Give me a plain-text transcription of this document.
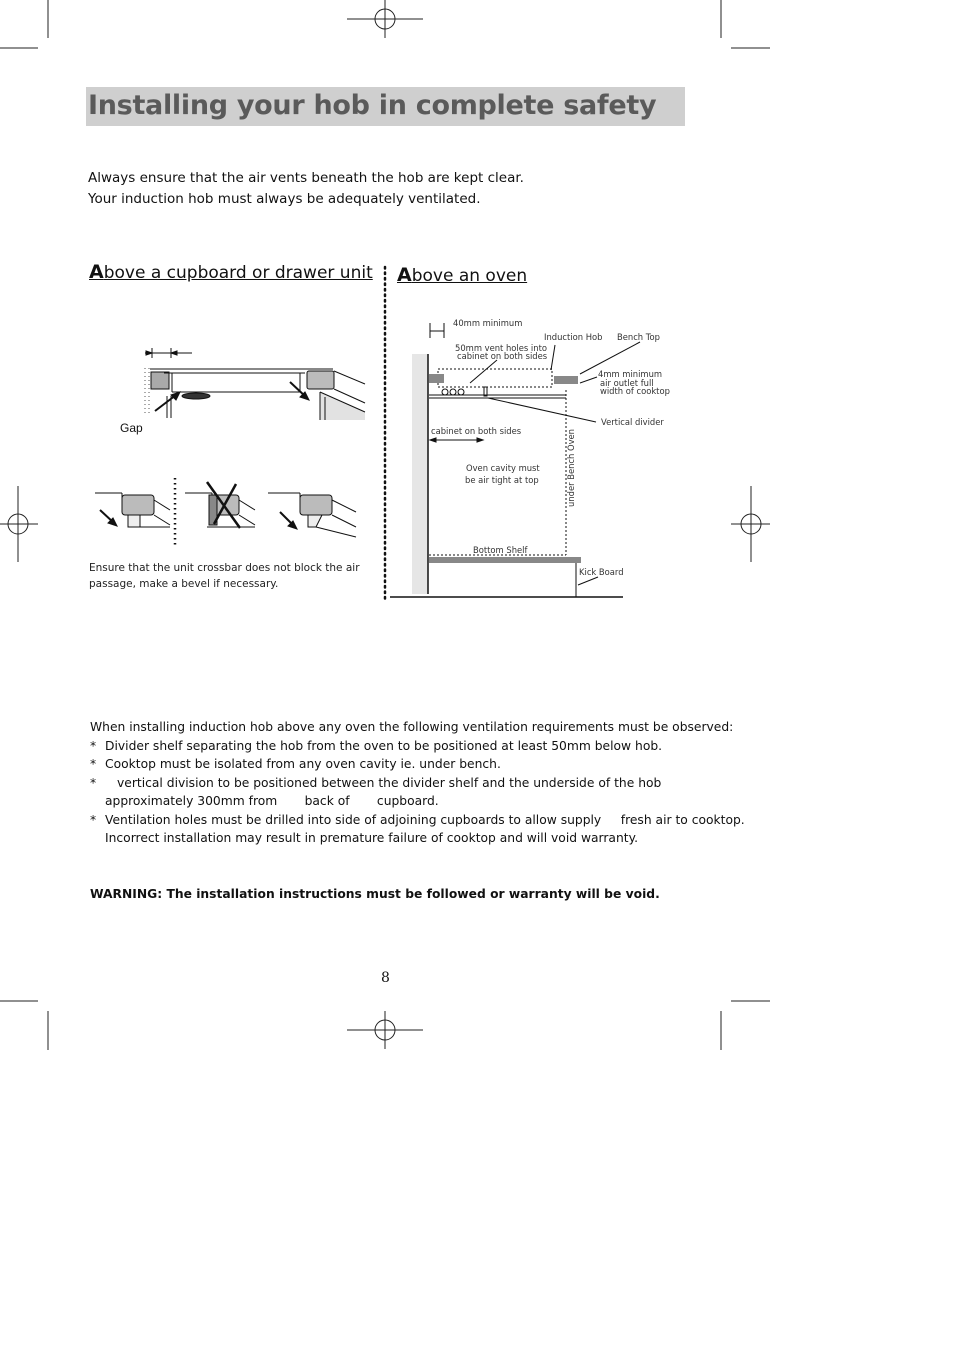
Installing your hob in complete safety
Always ensure that the air vents beneath the hob are kept clear.
Your induction hob must always be adequately ventilated.
Above a cupboard or drawer unit
Gap
Ensure that the unit crossbar does not block the air
passage, make a bevel if necessary.
Above an oven
40mm minimum
Induction Hob Bench Top
50mm vent holes into
cabinet on both sides
4mm minimum
air outlet full
width of cooktop
Vertical divider
cabinet on both sides
Oven cavity must
be air tight at top	under Bench Oven
Bottom Shelf
Kick Board
When installing induction hob above any oven the following ventilation requirements must be observed:
* Divider shelf separating the hob from the oven to be positioned at least 50mm below hob.
* Cooktop must be isolated from any oven cavity ie. under bench.
* vertical division to be positioned between the divider shelf and the underside of the hob
approximately 300mm from       back of       cupboard.
* Ventilation holes must be drilled into side of adjoining cupboards to allow supply     fresh air to cooktop.
Incorrect installation may result in premature failure of cooktop and will void warranty.
WARNING: The installation instructions must be followed or warranty will be void.
8
